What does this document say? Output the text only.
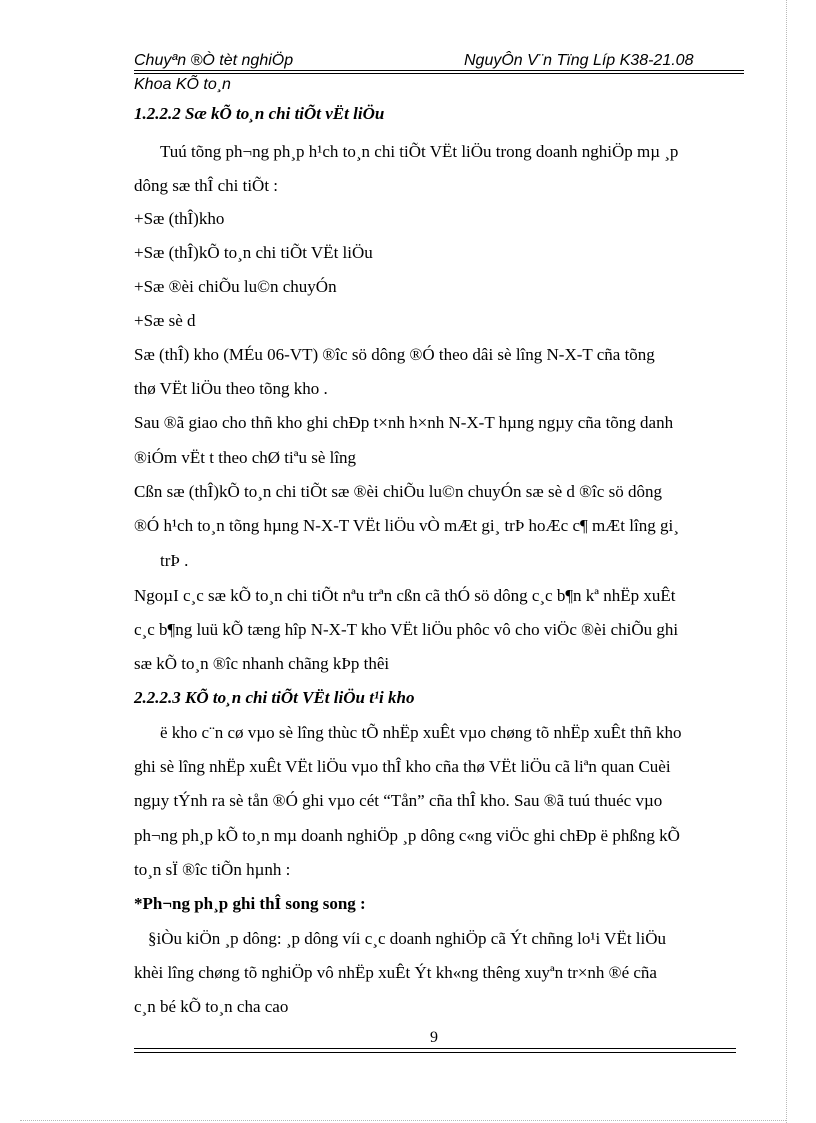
Chuyªn ®Ò tèt nghiÖp	NguyÔn V¨n Tïng Líp K38-21.08
Khoa KÕ to¸n
1.2.2.2 Sæ kÕ to¸n chi tiÕt vËt liÖu
Tuú tõng ph¬ng ph¸p h¹ch to¸n chi tiÕt VËt liÖu trong doanh nghiÖp mµ ¸p
dông sæ thÎ chi tiÕt :
+Sæ (thÎ)kho
+Sæ (thÎ)kÕ to¸n chi tiÕt VËt liÖu
+Sæ ®èi chiÕu lu©n chuyÓn
+Sæ sè d
Sæ (thÎ) kho (MÉu 06-VT) ®îc sö dông ®Ó theo dâi sè lîng N-X-T cña tõng
thø VËt liÖu theo tõng kho .
Sau ®ã giao cho thñ kho ghi chÐp t×nh h×nh N-X-T hµng ngµy cña tõng danh
®iÓm vËt t theo chØ tiªu sè lîng
Cßn sæ (thÎ)kÕ to¸n chi tiÕt sæ ®èi chiÕu lu©n chuyÓn sæ sè d ®îc sö dông
®Ó h¹ch to¸n tõng hµng N-X-T VËt liÖu vÒ mÆt gi¸ trÞ hoÆc c¶ mÆt lîng gi¸
trÞ .
NgoµI c¸c sæ kÕ to¸n chi tiÕt nªu trªn cßn cã thÓ sö dông c¸c b¶n kª nhËp xuÊt
c¸c b¶ng luü kÕ tæng hîp N-X-T kho VËt liÖu phôc vô cho viÖc ®èi chiÕu ghi
sæ kÕ to¸n ®îc nhanh chãng kÞp thêi
2.2.2.3 KÕ to¸n chi tiÕt VËt liÖu t¹i kho
ë kho c¨n cø vµo sè lîng thùc tÕ nhËp xuÊt vµo chøng tõ nhËp xuÊt thñ kho
ghi sè lîng nhËp xuÊt VËt liÖu vµo thÎ kho cña thø VËt liÖu cã liªn quan Cuèi
ngµy tÝnh ra sè tån ®Ó ghi vµo cét “Tån” cña thÎ kho. Sau ®ã tuú thuéc vµo
ph¬ng ph¸p kÕ to¸n mµ doanh nghiÖp ¸p dông c«ng viÖc ghi chÐp ë phßng kÕ
to¸n sÏ ®îc tiÕn hµnh :
*Ph¬ng ph¸p ghi thÎ song song :
§iÒu kiÖn ¸p dông: ¸p dông víi c¸c doanh nghiÖp cã Ýt chñng lo¹i VËt liÖu
khèi lîng chøng tõ nghiÖp vô nhËp xuÊt Ýt kh«ng thêng xuyªn tr×nh ®é cña
c¸n bé kÕ to¸n cha cao
9
